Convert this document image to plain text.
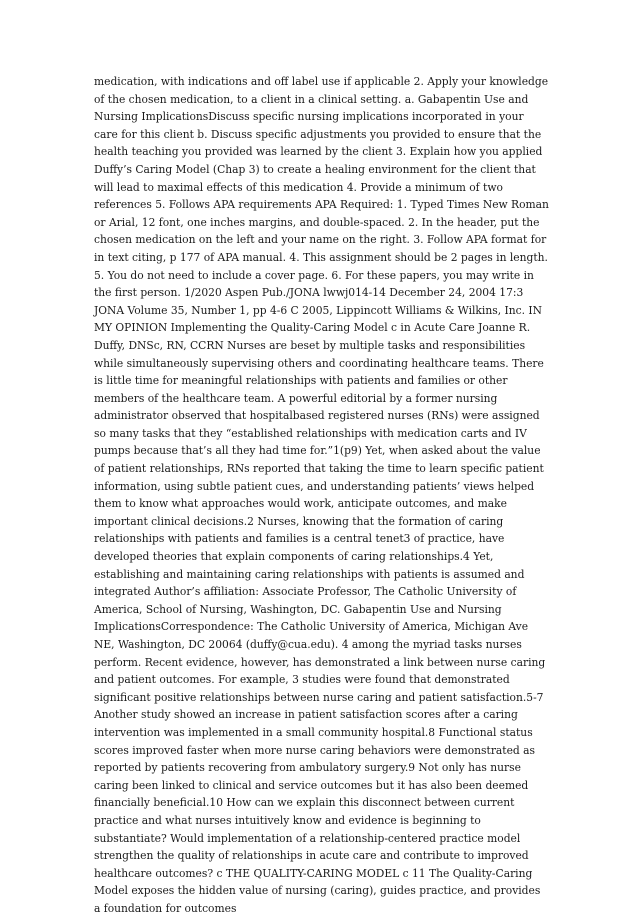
medication, with indications and off label use if applicable 2. Apply your knowledge of the chosen medication, to a client in a clinical setting. a. Gabapentin Use and Nursing ImplicationsDiscuss specific nursing implications incorporated in your care for this client b. Discuss specific adjustments you provided to ensure that the health teaching you provided was learned by the client 3. Explain how you applied Duffy’s Caring Model (Chap 3) to create a healing environment for the client that will lead to maximal effects of this medication 4. Provide a minimum of two references 5. Follows APA requirements APA Required: 1. Typed Times New Roman or Arial, 12 font, one inches margins, and double-spaced. 2. In the header, put the chosen medication on the left and your name on the right. 3. Follow APA format for in text citing, p 177 of APA manual. 4. This assignment should be 2 pages in length. 5. You do not need to include a cover page. 6. For these papers, you may write in the first person. 1/2020 Aspen Pub./JONA lwwj014-14 December 24, 2004 17:3 JONA Volume 35, Number 1, pp 4-6 C 2005, Lippincott Williams & Wilkins, Inc. IN MY OPINION Implementing the Quality-Caring Model c in Acute Care Joanne R. Duffy, DNSc, RN, CCRN Nurses are beset by multiple tasks and responsibilities while simultaneously supervising others and coordinating healthcare teams. There is little time for meaningful relationships with patients and families or other members of the healthcare team. A powerful editorial by a former nursing administrator observed that hospitalbased registered nurses (RNs) were assigned so many tasks that they “established relationships with medication carts and IV pumps because that’s all they had time for.”1(p9) Yet, when asked about the value of patient relationships, RNs reported that taking the time to learn specific patient information, using subtle patient cues, and understanding patients’ views helped them to know what approaches would work, anticipate outcomes, and make important clinical decisions.2 Nurses, knowing that the formation of caring relationships with patients and families is a central tenet3 of practice, have developed theories that explain components of caring relationships.4 Yet, establishing and maintaining caring relationships with patients is assumed and integrated Author’s affiliation: Associate Professor, The Catholic University of America, School of Nursing, Washington, DC. Gabapentin Use and Nursing ImplicationsCorrespondence: The Catholic University of America, Michigan Ave NE, Washington, DC 20064 (duffy@cua.edu). 4 among the myriad tasks nurses perform. Recent evidence, however, has demonstrated a link between nurse caring and patient outcomes. For example, 3 studies were found that demonstrated significant positive relationships between nurse caring and patient satisfaction.5-7 Another study showed an increase in patient satisfaction scores after a caring intervention was implemented in a small community hospital.8 Functional status scores improved faster when more nurse caring behaviors were demonstrated as reported by patients recovering from ambulatory surgery.9 Not only has nurse caring been linked to clinical and service outcomes but it has also been deemed financially beneficial.10 How can we explain this disconnect between current practice and what nurses intuitively know and evidence is beginning to substantiate? Would implementation of a relationship-centered practice model strengthen the quality of relationships in acute care and contribute to improved healthcare outcomes? c THE QUALITY-CARING MODEL c 11 The Quality-Caring Model exposes the hidden value of nursing (caring), guides practice, and provides a foundation for outcomes
